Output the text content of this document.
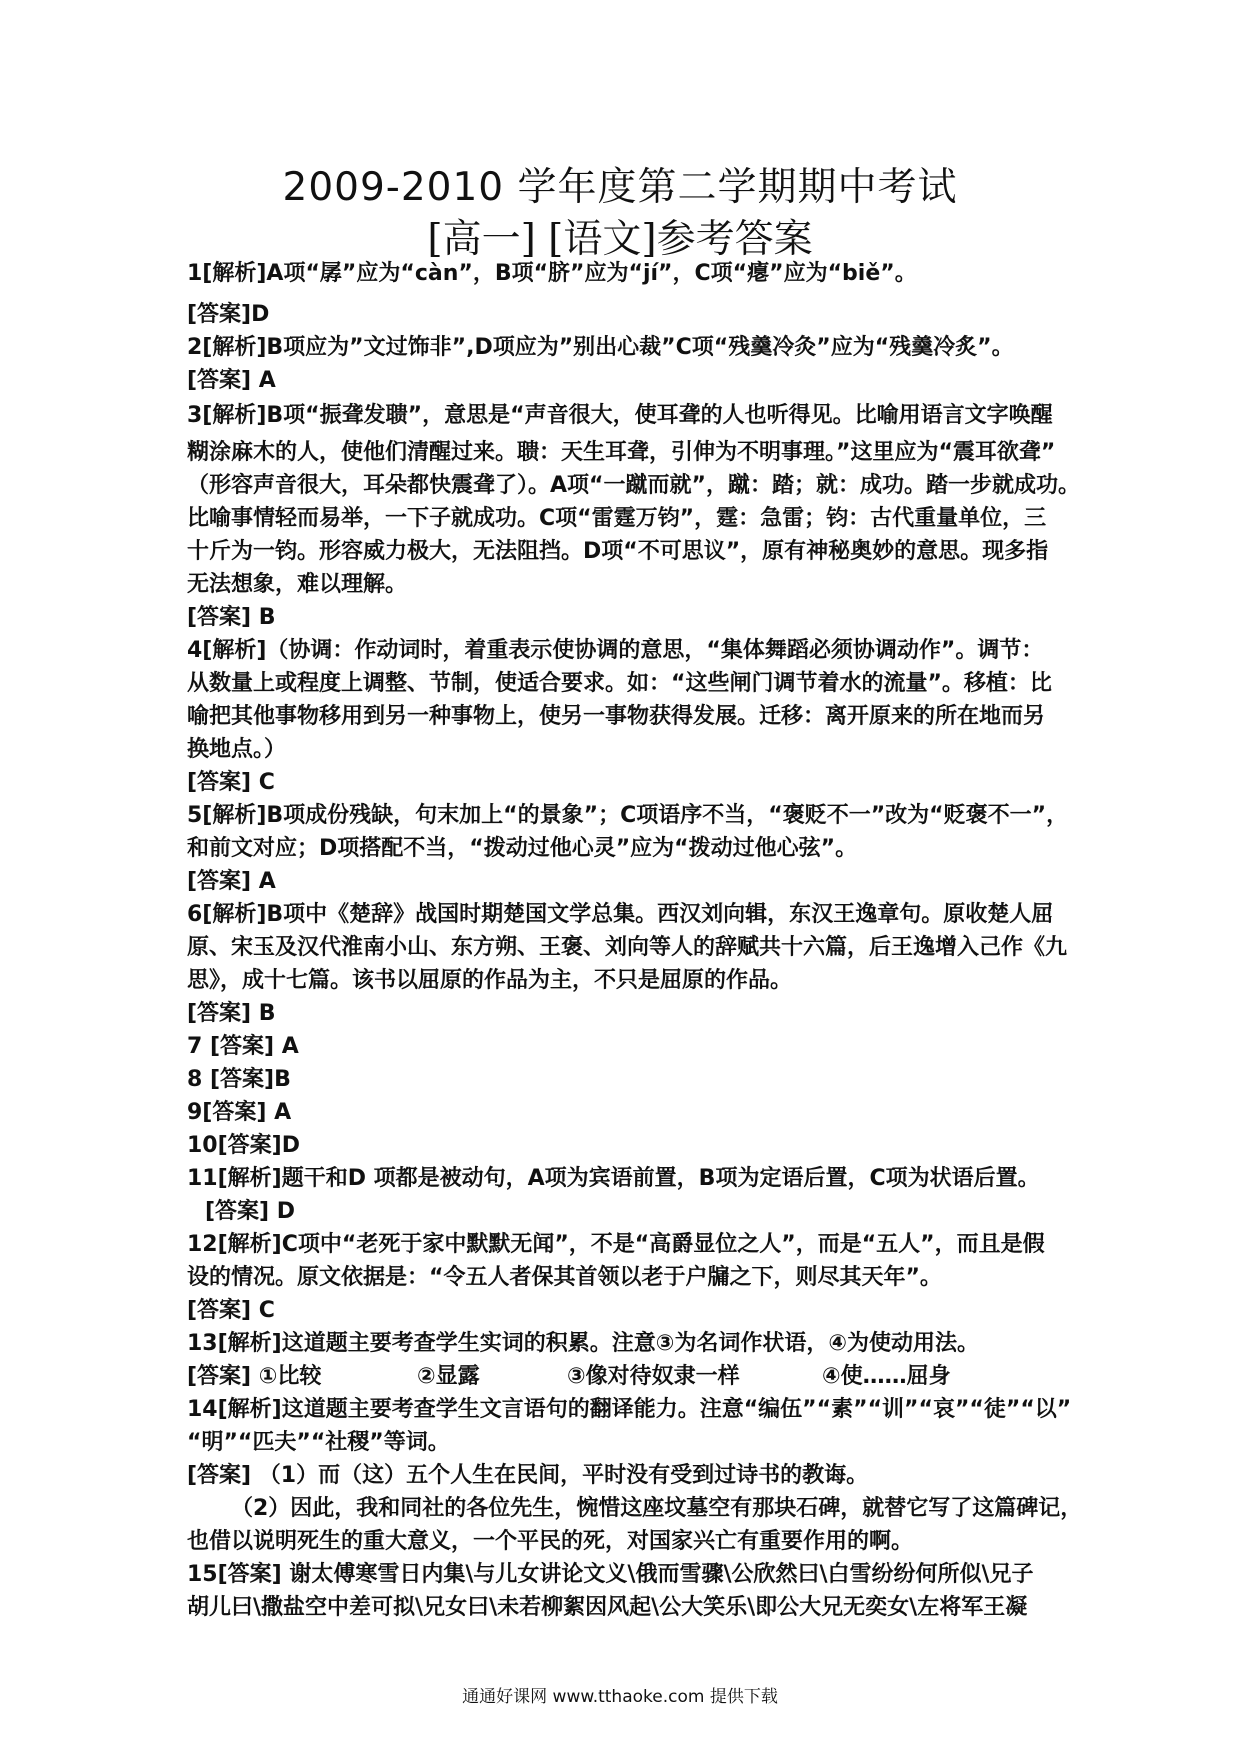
2009-2010 学年度第二学期期中考试
[高一] [语文]参考答案
1[解析]A项“孱”应为“càn”，B项“脐”应为“jí”，C项“瘪”应为“biě”。
[答案]D
2[解析]B项应为”文过饰非”,D项应为”别出心裁”C项“残羹冷灸”应为“残羹冷炙”。
[答案] A
3[解析]B项“振聋发聩”，意思是“声音很大，使耳聋的人也听得见。比喻用语言文字唤醒
糊涂麻木的人，使他们清醒过来。聩：天生耳聋，引伸为不明事理。”这里应为“震耳欲聋”
（形容声音很大，耳朵都快震聋了）。A项“一蹴而就”，蹴：踏；就：成功。踏一步就成功。
比喻事情轻而易举，一下子就成功。C项“雷霆万钧”，霆：急雷；钧：古代重量单位，三
十斤为一钧。形容威力极大，无法阻挡。D项“不可思议”，原有神秘奥妙的意思。现多指
无法想象，难以理解。
[答案] B
4[解析]（协调：作动词时，着重表示使协调的意思，“集体舞蹈必须协调动作”。调节：
从数量上或程度上调整、节制，使适合要求。如：“这些闸门调节着水的流量”。移植：比
喻把其他事物移用到另一种事物上，使另一事物获得发展。迁移：离开原来的所在地而另
换地点。）
[答案] C
5[解析]B项成份残缺，句末加上“的景象”；C项语序不当，“褒贬不一”改为“贬褒不一”，
和前文对应；D项搭配不当，“拨动过他心灵”应为“拨动过他心弦”。
[答案] A
6[解析]B项中《楚辞》战国时期楚国文学总集。西汉刘向辑，东汉王逸章句。原收楚人屈
原、宋玉及汉代淮南小山、东方朔、王褒、刘向等人的辞赋共十六篇，后王逸增入己作《九
思》，成十七篇。该书以屈原的作品为主，不只是屈原的作品。
[答案] B
7 [答案] A
8 [答案]B
9[答案] A
10[答案]D
11[解析]题干和D 项都是被动句，A项为宾语前置，B项为定语后置，C项为状语后置。
[答案] D
12[解析]C项中“老死于家中默默无闻”，不是“高爵显位之人”，而是“五人”，而且是假
设的情况。原文依据是：“令五人者保其首领以老于户牖之下，则尽其天年”。
[答案] C
13[解析]这道题主要考查学生实词的积累。注意③为名词作状语，④为使动用法。
[答案] ①比较	②显露	③像对待奴隶一样	④使……屈身
14[解析]这道题主要考查学生文言语句的翻译能力。注意“编伍”“素”“训”“哀”“徒”“以”
“明”“匹夫”“社稷”等词。
[答案] （1）而（这）五个人生在民间，平时没有受到过诗书的教诲。
（2）因此，我和同社的各位先生，惋惜这座坟墓空有那块石碑，就替它写了这篇碑记，
也借以说明死生的重大意义，一个平民的死，对国家兴亡有重要作用的啊。
15[答案] 谢太傅寒雪日内集\与儿女讲论文义\俄而雪骤\公欣然曰\白雪纷纷何所似\兄子
胡儿曰\撒盐空中差可拟\兄女曰\未若柳絮因风起\公大笑乐\即公大兄无奕女\左将军王凝
通通好课网 www.tthaoke.com 提供下载
